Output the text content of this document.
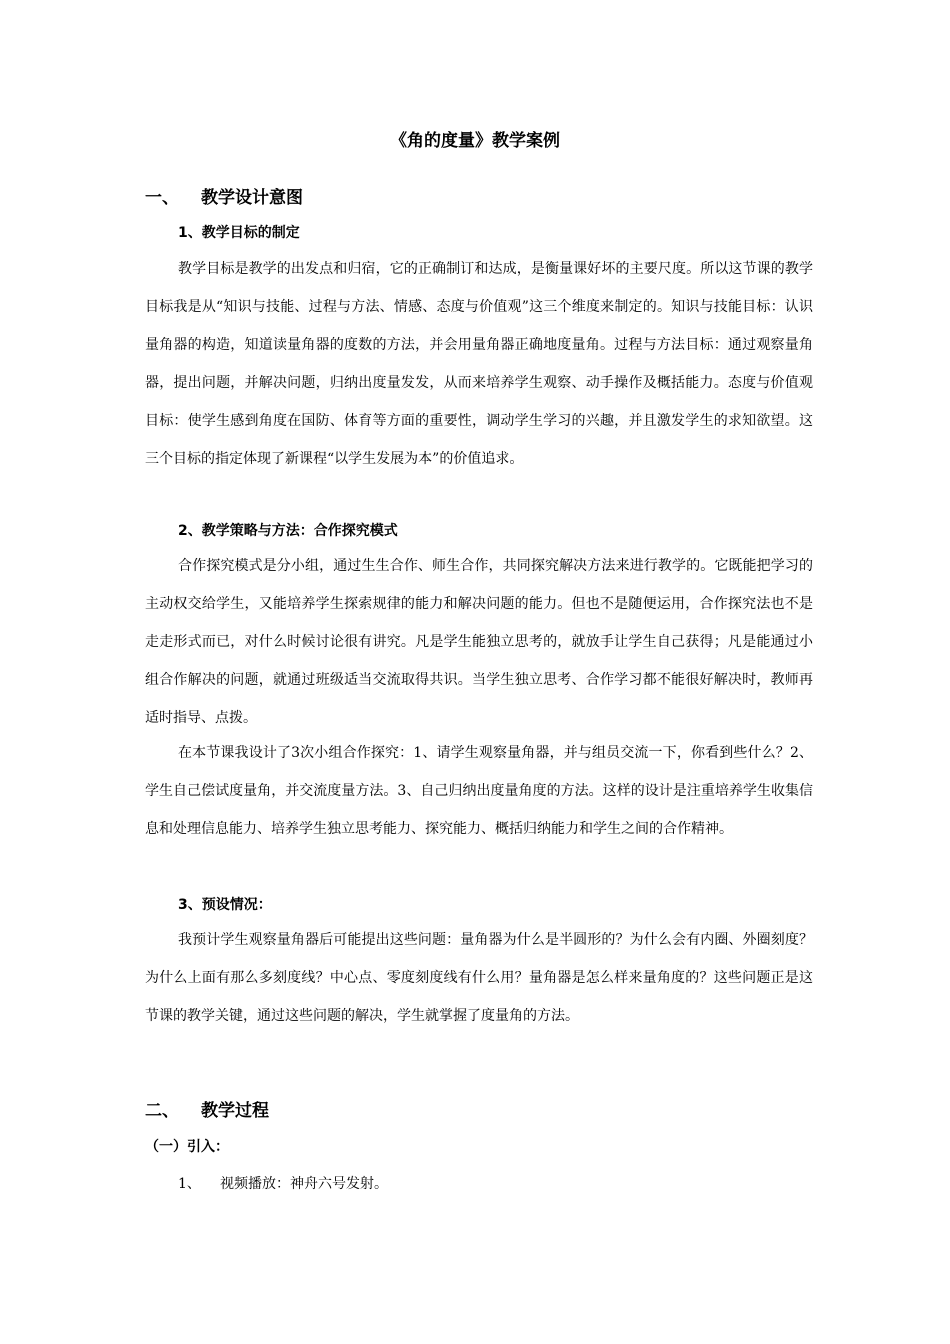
《角的度量》教学案例
一、 教学设计意图
1、教学目标的制定

教学目标是教学的出发点和归宿，它的正确制订和达成，是衡量课好坏的主要尺度。所以这节课的教学目标我是从“知识与技能、过程与方法、情感、态度与价值观”这三个维度来制定的。知识与技能目标：认识量角器的构造，知道读量角器的度数的方法，并会用量角器正确地度量角。过程与方法目标：通过观察量角器，提出问题，并解决问题，归纳出度量发发，从而来培养学生观察、动手操作及概括能力。态度与价值观目标：使学生感到角度在国防、体育等方面的重要性，调动学生学习的兴趣，并且激发学生的求知欲望。这三个目标的指定体现了新课程“以学生发展为本”的价值追求。

2、教学策略与方法：合作探究模式

合作探究模式是分小组，通过生生合作、师生合作，共同探究解决方法来进行教学的。它既能把学习的主动权交给学生，又能培养学生探索规律的能力和解决问题的能力。但也不是随便运用，合作探究法也不是走走形式而已，对什么时候讨论很有讲究。凡是学生能独立思考的，就放手让学生自己获得；凡是能通过小组合作解决的问题，就通过班级适当交流取得共识。当学生独立思考、合作学习都不能很好解决时，教师再适时指导、点拨。

在本节课我设计了3次小组合作探究：1、请学生观察量角器，并与组员交流一下，你看到些什么？2、学生自己偿试度量角，并交流度量方法。3、自己归纳出度量角度的方法。这样的设计是注重培养学生收集信息和处理信息能力、培养学生独立思考能力、探究能力、概括归纳能力和学生之间的合作精神。

3、预设情况：

我预计学生观察量角器后可能提出这些问题：量角器为什么是半圆形的？为什么会有内圈、外圈刻度？为什么上面有那么多刻度线？中心点、零度刻度线有什么用？量角器是怎么样来量角度的？这些问题正是这节课的教学关键，通过这些问题的解决，学生就掌握了度量角的方法。

二、 教学过程
（一）引入：

1、 视频播放：神舟六号发射。
